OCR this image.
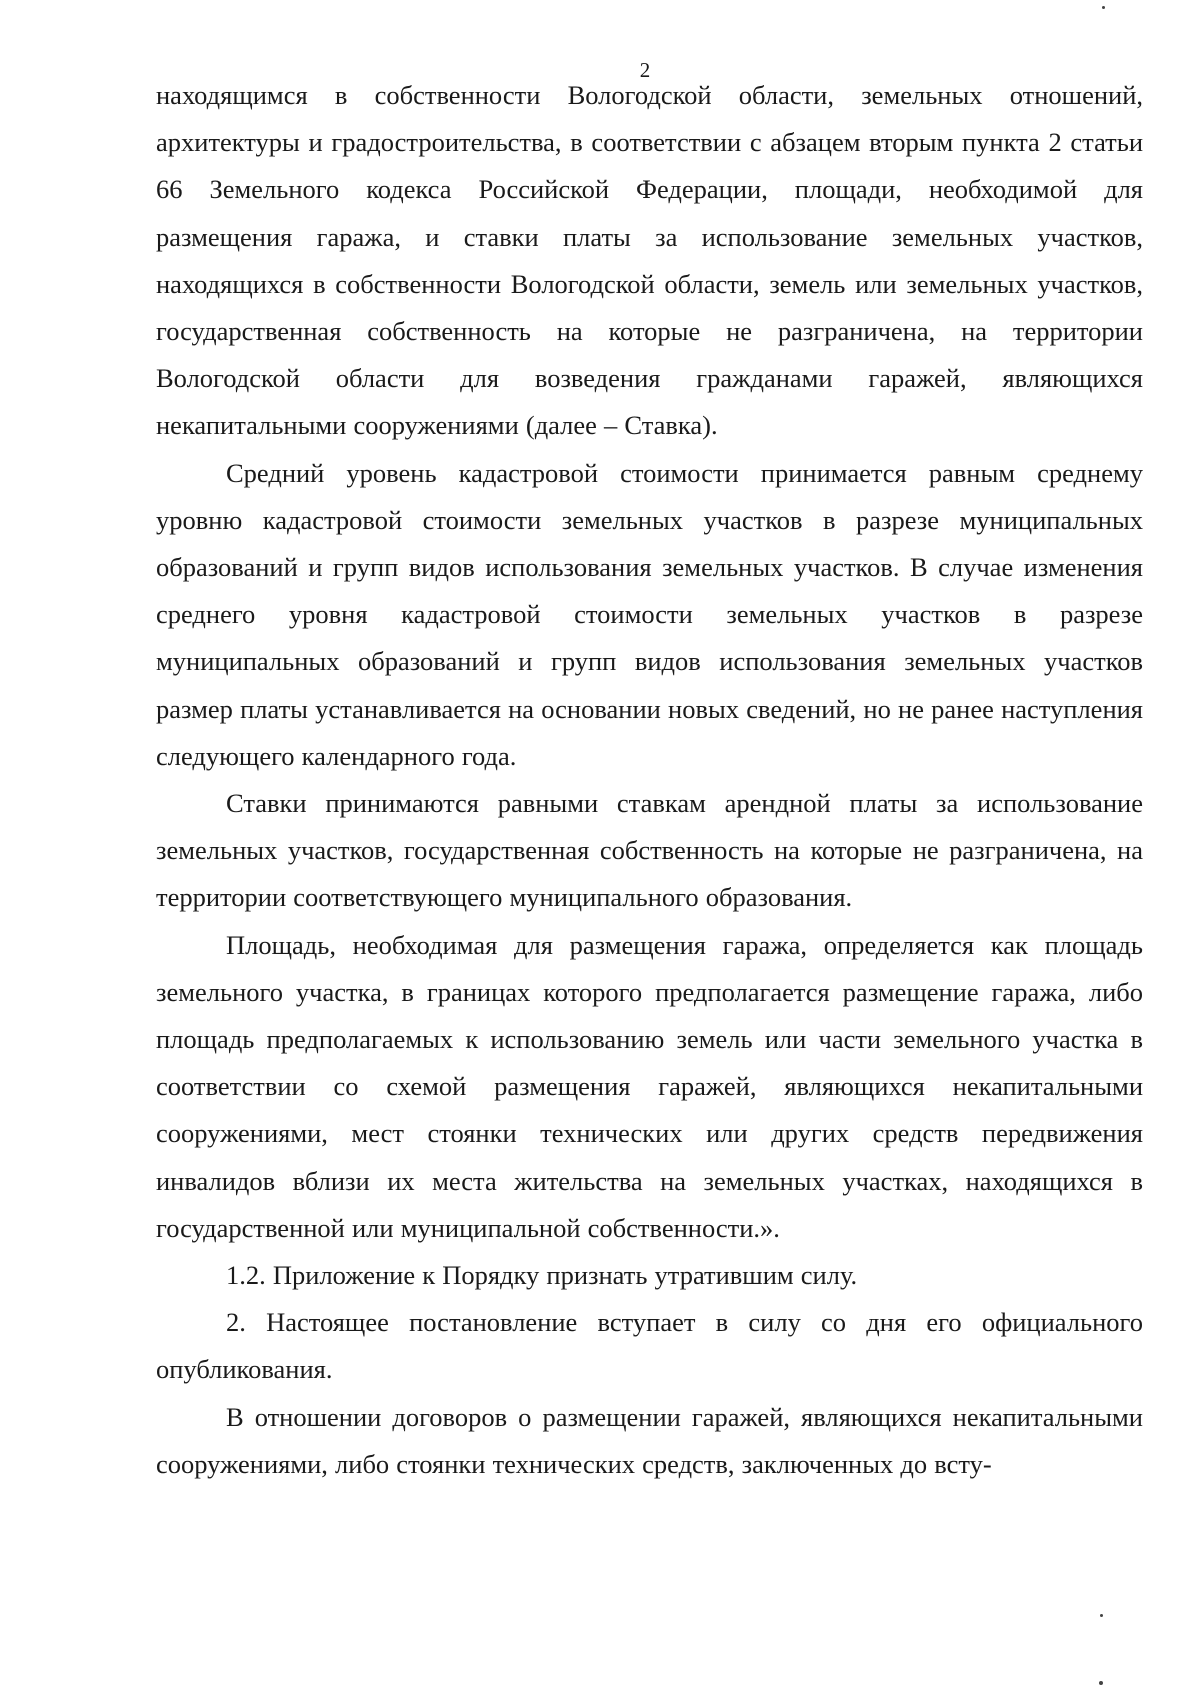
2

находящимся в собственности Вологодской области, земельных отношений, архитектуры и градостроительства, в соответствии с абзацем вторым пункта 2 статьи 66 Земельного кодекса Российской Федерации, площади, необходимой для размещения гаража, и ставки платы за использование земельных участков, находящихся в собственности Вологодской области, земель или земельных участков, государственная собственность на которые не разграничена, на территории Вологодской области для возведения гражданами гаражей, являющихся некапитальными сооружениями (далее – Ставка).

Средний уровень кадастровой стоимости принимается равным среднему уровню кадастровой стоимости земельных участков в разрезе муниципальных образований и групп видов использования земельных участков. В случае изменения среднего уровня кадастровой стоимости земельных участков в разрезе муниципальных образований и групп видов использования земельных участков размер платы устанавливается на основании новых сведений, но не ранее наступления следующего календарного года.

Ставки принимаются равными ставкам арендной платы за использование земельных участков, государственная собственность на которые не разграничена, на территории соответствующего муниципального образования.

Площадь, необходимая для размещения гаража, определяется как площадь земельного участка, в границах которого предполагается размещение гаража, либо площадь предполагаемых к использованию земель или части земельного участка в соответствии со схемой размещения гаражей, являющихся некапитальными сооружениями, мест стоянки технических или других средств передвижения инвалидов вблизи их места жительства на земельных участках, находящихся в государственной или муниципальной собственности.».

1.2. Приложение к Порядку признать утратившим силу.

2. Настоящее постановление вступает в силу со дня его официального опубликования.

В отношении договоров о размещении гаражей, являющихся некапитальными сооружениями, либо стоянки технических средств, заключенных до всту-
